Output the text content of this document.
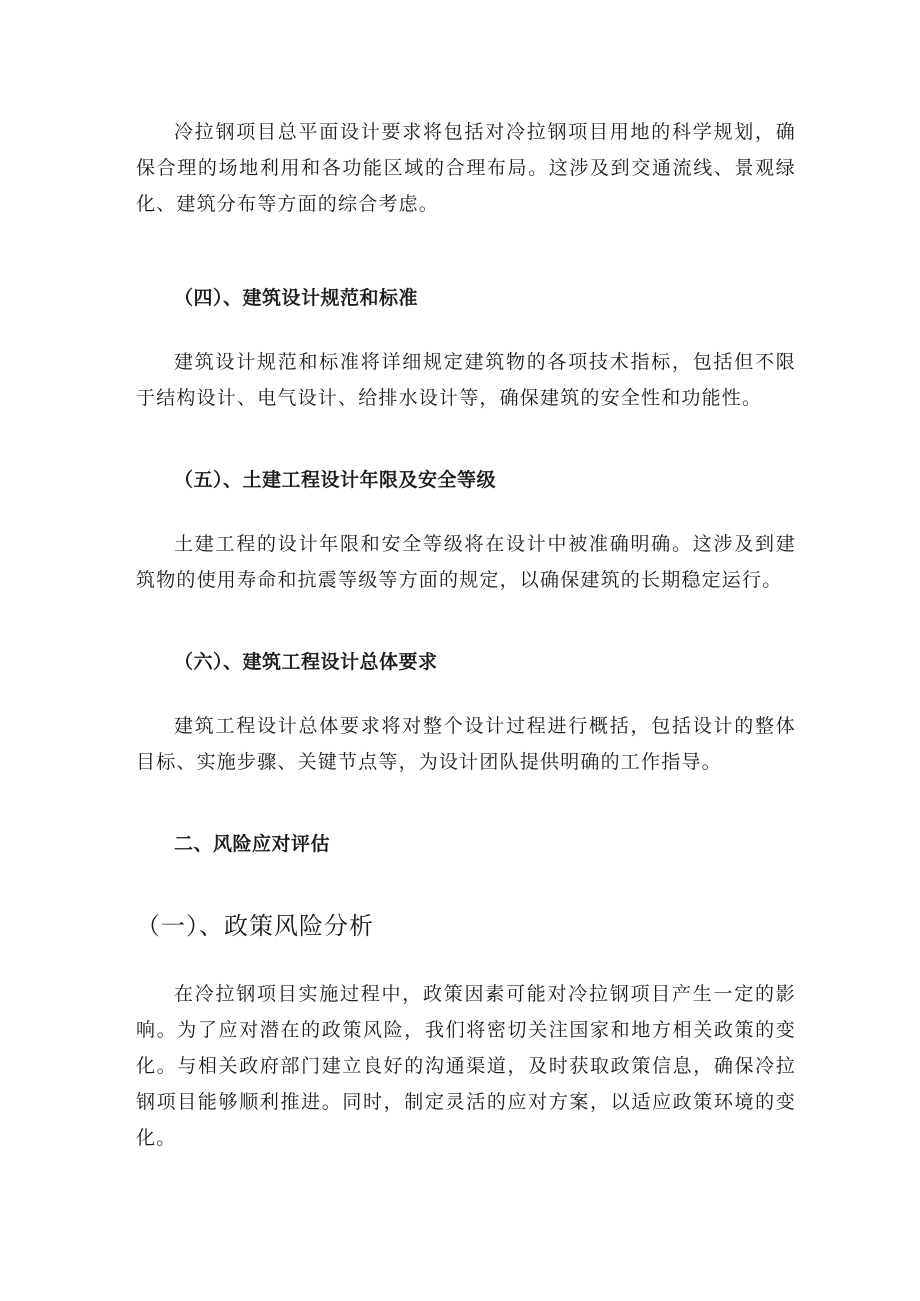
冷拉钢项目总平面设计要求将包括对冷拉钢项目用地的科学规划，确保合理的场地利用和各功能区域的合理布局。这涉及到交通流线、景观绿化、建筑分布等方面的综合考虑。

（四）、建筑设计规范和标准

建筑设计规范和标准将详细规定建筑物的各项技术指标，包括但不限于结构设计、电气设计、给排水设计等，确保建筑的安全性和功能性。

（五）、土建工程设计年限及安全等级

土建工程的设计年限和安全等级将在设计中被准确明确。这涉及到建筑物的使用寿命和抗震等级等方面的规定，以确保建筑的长期稳定运行。

（六）、建筑工程设计总体要求

建筑工程设计总体要求将对整个设计过程进行概括，包括设计的整体目标、实施步骤、关键节点等，为设计团队提供明确的工作指导。

二、风险应对评估

（一）、政策风险分析

在冷拉钢项目实施过程中，政策因素可能对冷拉钢项目产生一定的影响。为了应对潜在的政策风险，我们将密切关注国家和地方相关政策的变化。与相关政府部门建立良好的沟通渠道，及时获取政策信息，确保冷拉钢项目能够顺利推进。同时，制定灵活的应对方案，以适应政策环境的变化。
